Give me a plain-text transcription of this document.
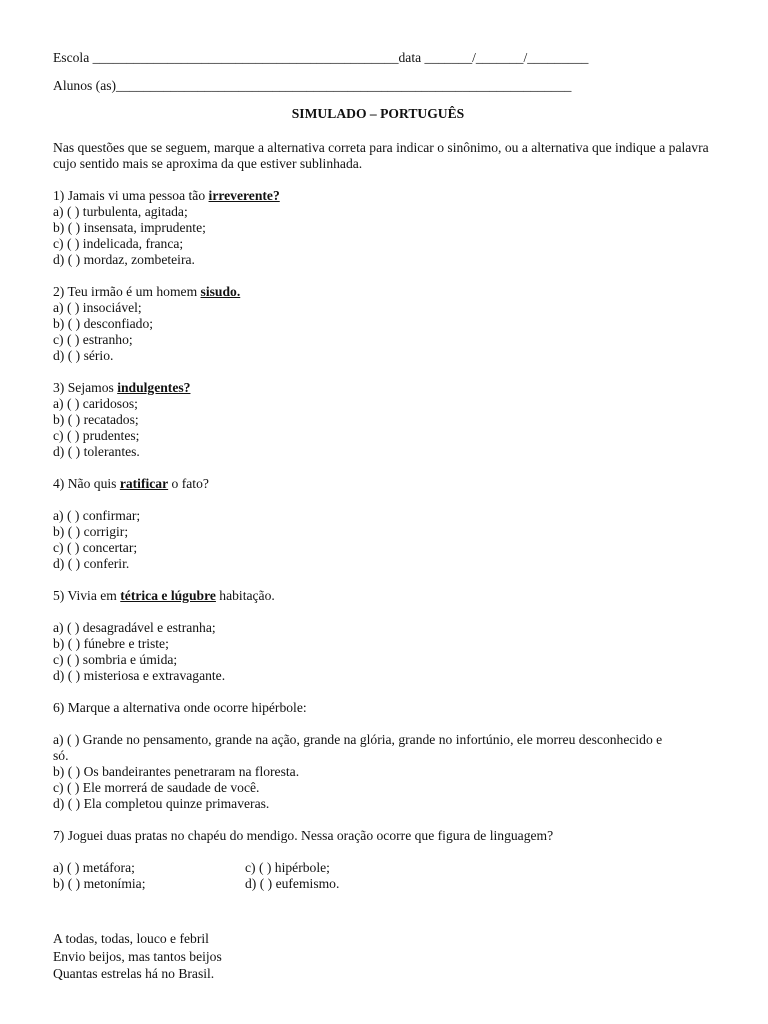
Escola _____________________________________________data _______/_______/_________
Alunos (as)___________________________________________________________________
SIMULADO – PORTUGUÊS
Nas questões que se seguem, marque a alternativa correta para indicar o sinônimo, ou a alternativa que indique a palavra cujo sentido mais se aproxima da que estiver sublinhada.
1) Jamais vi uma pessoa tão irreverente?
a) ( ) turbulenta, agitada;
b) ( ) insensata, imprudente;
c) ( ) indelicada, franca;
d) ( ) mordaz, zombeteira.
2) Teu irmão é um homem sisudo.
a) ( ) insociável;
b) ( ) desconfiado;
c) ( ) estranho;
d) ( ) sério.
3) Sejamos indulgentes?
a) ( ) caridosos;
b) ( ) recatados;
c) ( ) prudentes;
d) ( ) tolerantes.
4) Não quis ratificar o fato?
a) ( ) confirmar;
b) ( ) corrigir;
c) ( ) concertar;
d) ( ) conferir.
5) Vivia em tétrica e lúgubre habitação.
a) ( ) desagradável e estranha;
b) ( ) fúnebre e triste;
c) ( ) sombria e úmida;
d) ( ) misteriosa e extravagante.
6) Marque a alternativa onde ocorre hipérbole:
a) ( ) Grande no pensamento, grande na ação, grande na glória, grande no infortúnio, ele morreu desconhecido e só.
b) ( ) Os bandeirantes penetraram na floresta.
c) ( ) Ele morrerá de saudade de você.
d) ( ) Ela completou quinze primaveras.
7) Joguei duas pratas no chapéu do mendigo. Nessa oração ocorre que figura de linguagem?
a) ( ) metáfora;	c) ( ) hipérbole;
b) ( ) metonímia;	d) ( ) eufemismo.
A todas, todas, louco e febril
Envio beijos, mas tantos beijos
Quantas estrelas há no Brasil.
